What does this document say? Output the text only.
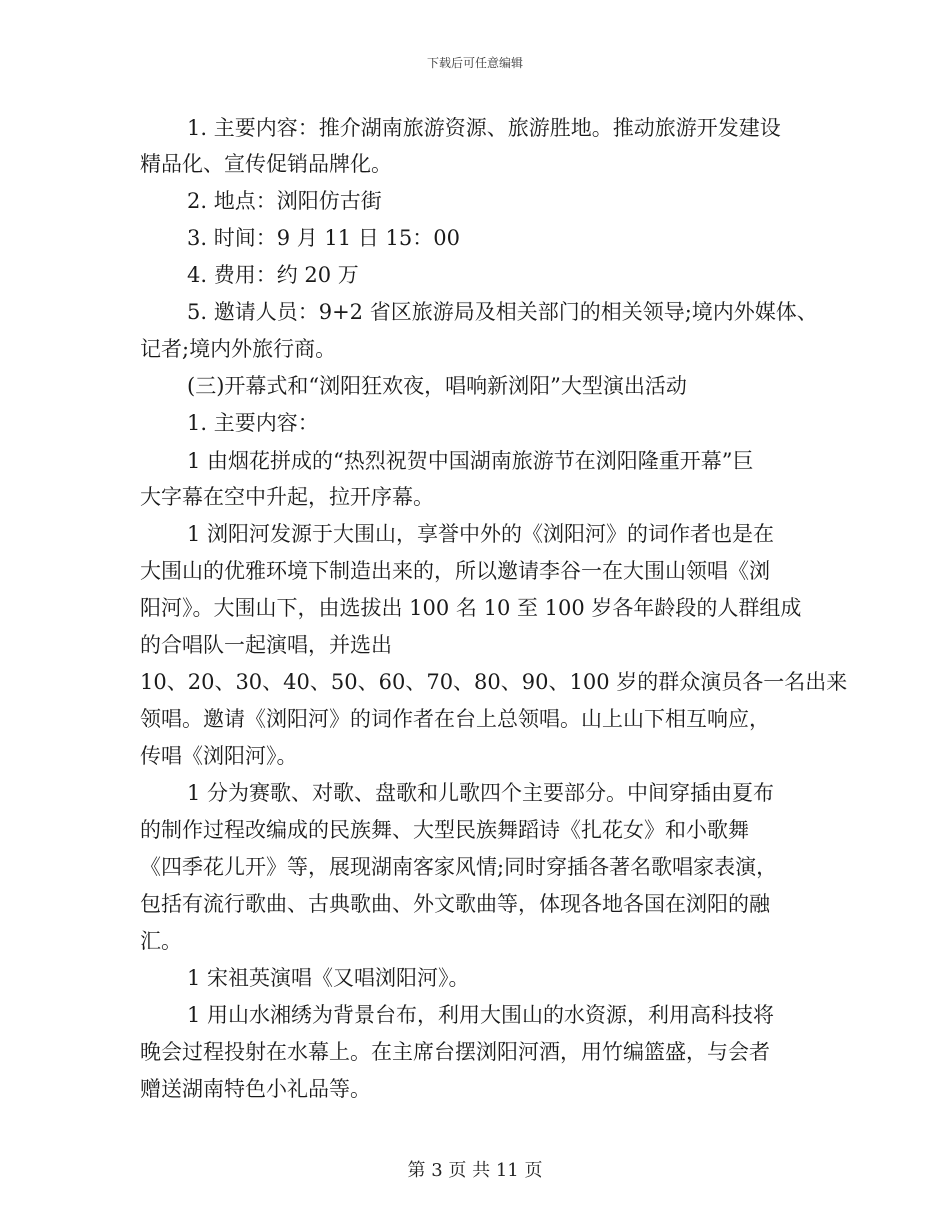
下载后可任意编辑
1. 主要内容：推介湖南旅游资源、旅游胜地。推动旅游开发建设
精品化、宣传促销品牌化。
2. 地点：浏阳仿古街
3. 时间：9 月 11 日 15：00
4. 费用：约 20 万
5. 邀请人员：9+2 省区旅游局及相关部门的相关领导;境内外媒体、
记者;境内外旅行商。
(三)开幕式和“浏阳狂欢夜，唱响新浏阳”大型演出活动
1. 主要内容：
1 由烟花拼成的“热烈祝贺中国湖南旅游节在浏阳隆重开幕”巨
大字幕在空中升起，拉开序幕。
1 浏阳河发源于大围山，享誉中外的《浏阳河》的词作者也是在
大围山的优雅环境下制造出来的，所以邀请李谷一在大围山领唱《浏
阳河》。大围山下，由选拔出 100 名 10 至 100 岁各年龄段的人群组成
的合唱队一起演唱，并选出
10、20、30、40、50、60、70、80、90、100 岁的群众演员各一名出来
领唱。邀请《浏阳河》的词作者在台上总领唱。山上山下相互响应，
传唱《浏阳河》。
1 分为赛歌、对歌、盘歌和儿歌四个主要部分。中间穿插由夏布
的制作过程改编成的民族舞、大型民族舞蹈诗《扎花女》和小歌舞
《四季花儿开》等，展现湖南客家风情;同时穿插各著名歌唱家表演，
包括有流行歌曲、古典歌曲、外文歌曲等，体现各地各国在浏阳的融
汇。
1 宋祖英演唱《又唱浏阳河》。
1 用山水湘绣为背景台布，利用大围山的水资源，利用高科技将
晚会过程投射在水幕上。在主席台摆浏阳河酒，用竹编篮盛，与会者
赠送湖南特色小礼品等。
第 3 页 共 11 页
